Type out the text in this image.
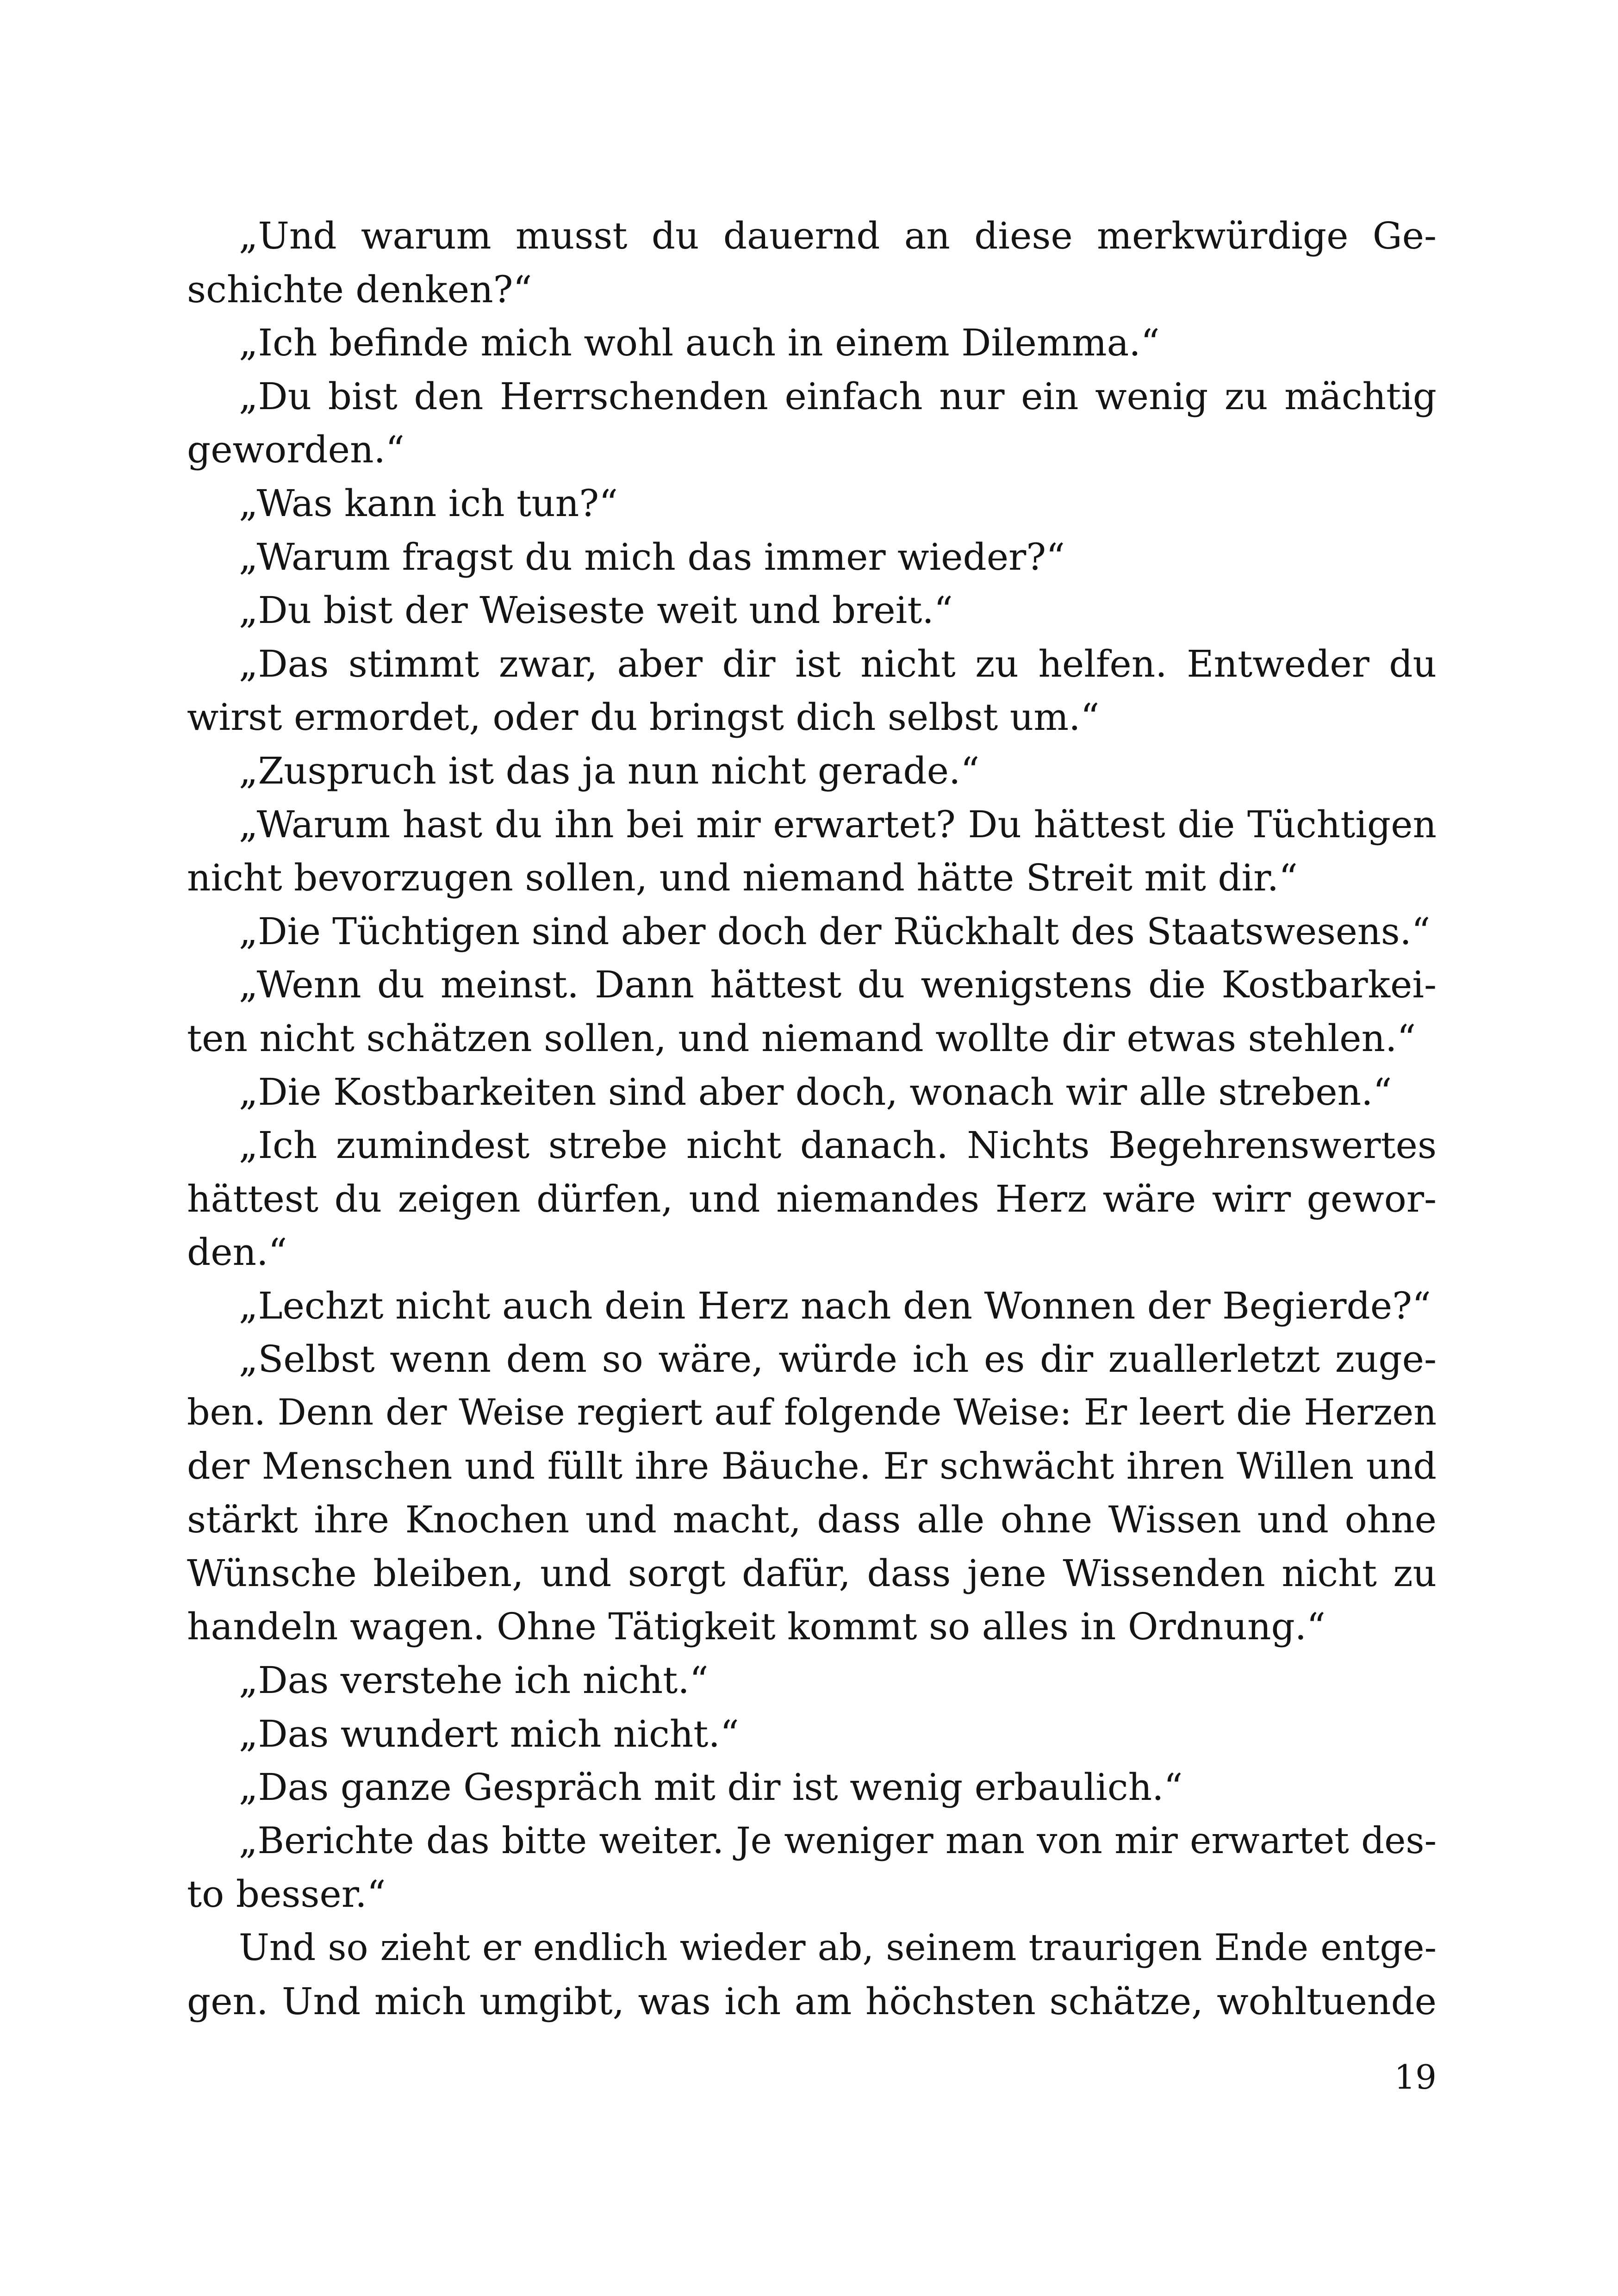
„Und warum musst du dauernd an diese merkwürdige Ge-
schichte denken?“
„Ich befinde mich wohl auch in einem Dilemma.“
„Du bist den Herrschenden einfach nur ein wenig zu mächtig
geworden.“
„Was kann ich tun?“
„Warum fragst du mich das immer wieder?“
„Du bist der Weiseste weit und breit.“
„Das stimmt zwar, aber dir ist nicht zu helfen. Entweder du
wirst ermordet, oder du bringst dich selbst um.“
„Zuspruch ist das ja nun nicht gerade.“
„Warum hast du ihn bei mir erwartet? Du hättest die Tüchtigen
nicht bevorzugen sollen, und niemand hätte Streit mit dir.“
„Die Tüchtigen sind aber doch der Rückhalt des Staatswesens.“
„Wenn du meinst. Dann hättest du wenigstens die Kostbarkei-
ten nicht schätzen sollen, und niemand wollte dir etwas stehlen.“
„Die Kostbarkeiten sind aber doch, wonach wir alle streben.“
„Ich zumindest strebe nicht danach. Nichts Begehrenswertes
hättest du zeigen dürfen, und niemandes Herz wäre wirr gewor-
den.“
„Lechzt nicht auch dein Herz nach den Wonnen der Begierde?“
„Selbst wenn dem so wäre, würde ich es dir zuallerletzt zuge-
ben. Denn der Weise regiert auf folgende Weise: Er leert die Herzen
der Menschen und füllt ihre Bäuche. Er schwächt ihren Willen und
stärkt ihre Knochen und macht, dass alle ohne Wissen und ohne
Wünsche bleiben, und sorgt dafür, dass jene Wissenden nicht zu
handeln wagen. Ohne Tätigkeit kommt so alles in Ordnung.“
„Das verstehe ich nicht.“
„Das wundert mich nicht.“
„Das ganze Gespräch mit dir ist wenig erbaulich.“
„Berichte das bitte weiter. Je weniger man von mir erwartet des-
to besser.“
Und so zieht er endlich wieder ab, seinem traurigen Ende entge-
gen. Und mich umgibt, was ich am höchsten schätze, wohltuende
19
